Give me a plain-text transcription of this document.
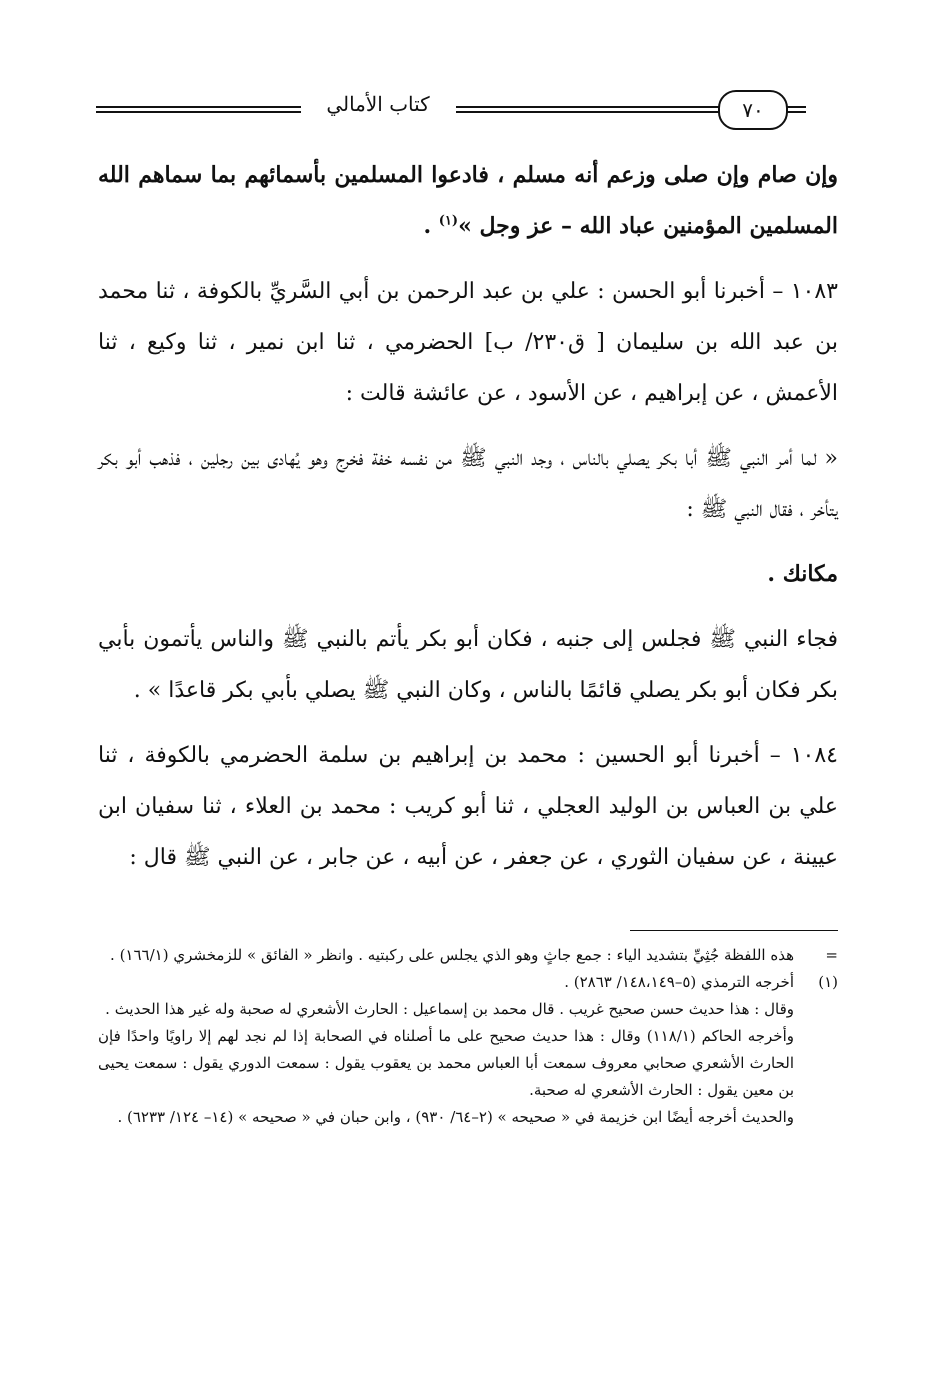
كتاب الأمالي	٧٠

وإن صام وإن صلى وزعم أنه مسلم ، فادعوا المسلمين بأسمائهم بما سماهم الله المسلمين المؤمنين عباد الله – عز وجل »$^{(١)}$ .

١٠٨٣ – أخبرنا أبو الحسن : علي بن عبد الرحمن بن أبي السَّريِّ بالكوفة ، ثنا محمد بن عبد الله بن سليمان [ ق٢٣٠/ ب] الحضرمي ، ثنا ابن نمير ، ثنا وكيع ، ثنا الأعمش ، عن إبراهيم ، عن الأسود ، عن عائشة قالت :

« لما أمر النبي ﷺ أبا بكر يصلي بالناس ، وجد النبي ﷺ من نفسه خفة فخرج وهو يُهادى بين رجلين ، فذهب أبو بكر يتأخر ، فقال النبي ﷺ :

مكانك .

فجاء النبي ﷺ فجلس إلى جنبه ، فكان أبو بكر يأتم بالنبي ﷺ والناس يأتمون بأبي بكر فكان أبو بكر يصلي قائمًا بالناس ، وكان النبي ﷺ يصلي بأبي بكر قاعدًا » .

١٠٨٤ – أخبرنا أبو الحسين : محمد بن إبراهيم بن سلمة الحضرمي بالكوفة ، ثنا علي بن العباس بن الوليد العجلي ، ثنا أبو كريب : محمد بن العلاء ، ثنا سفيان ابن عيينة ، عن سفيان الثوري ، عن جعفر ، عن أبيه ، عن جابر ، عن النبي ﷺ قال :

=
هذه اللفظة جُثِيِّ بتشديد الياء : جمع جاثٍ وهو الذي يجلس على ركبتيه . وانظر « الفائق » للزمخشري (١٦٦/١) .
(١)
أخرجه الترمذي (٥–١٤٨،١٤٩/ ٢٨٦٣) .
وقال : هذا حديث حسن صحيح غريب . قال محمد بن إسماعيل : الحارث الأشعري له صحبة وله غير هذا الحديث .
وأخرجه الحاكم (١١٨/١) وقال : هذا حديث صحيح على ما أصلناه في الصحابة إذا لم نجد لهم إلا راويًا واحدًا فإن الحارث الأشعري صحابي معروف سمعت أبا العباس محمد بن يعقوب يقول : سمعت الدوري يقول : سمعت يحيى بن معين يقول : الحارث الأشعري له صحبة.
والحديث أخرجه أيضًا ابن خزيمة في « صحيحه » (٢–٦٤/ ٩٣٠) ، وابن حبان في « صحيحه » (١٤– ١٢٤/ ٦٢٣٣) .
